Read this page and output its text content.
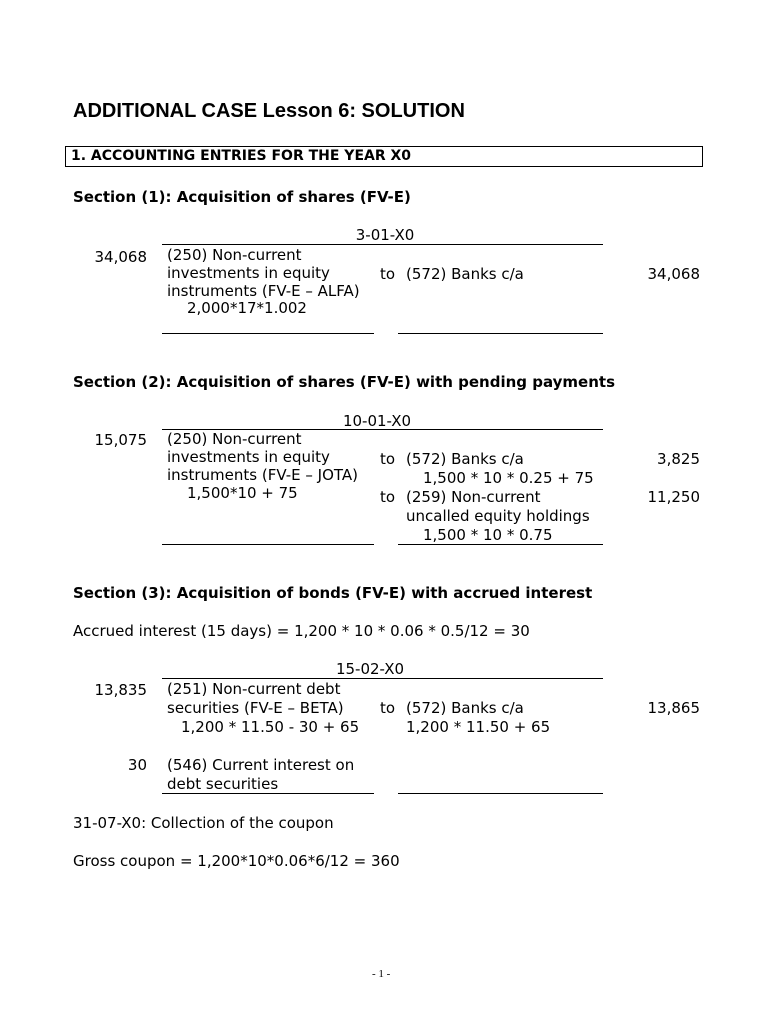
ADDITIONAL CASE Lesson 6: SOLUTION
1. ACCOUNTING ENTRIES FOR THE YEAR X0
Section (1): Acquisition of shares (FV-E)
3-01-X0
34,068 (250) Non-current
investments in equity
instruments (FV-E – ALFA)
2,000*17*1.002
to (572) Banks c/a	34,068
Section (2): Acquisition of shares (FV-E) with pending payments
10-01-X0
15,075 (250) Non-current
investments in equity
instruments (FV-E – JOTA)
1,500*10 + 75
to (572) Banks c/a
1,500 * 10 * 0.25 + 75
3,825
to (259) Non-current
uncalled equity holdings
1,500 * 10 * 0.75
11,250
Section (3): Acquisition of bonds (FV-E) with accrued interest
Accrued interest (15 days) = 1,200 * 10 * 0.06 * 0.5/12 = 30
15-02-X0
13,835 (251) Non-current debt
securities (FV-E – BETA)
1,200 * 11.50 - 30 + 65
to (572) Banks c/a
1,200 * 11.50 + 65
13,865
30 (546) Current interest on
debt securities
31-07-X0: Collection of the coupon
Gross coupon = 1,200*10*0.06*6/12 = 360
- 1 -
